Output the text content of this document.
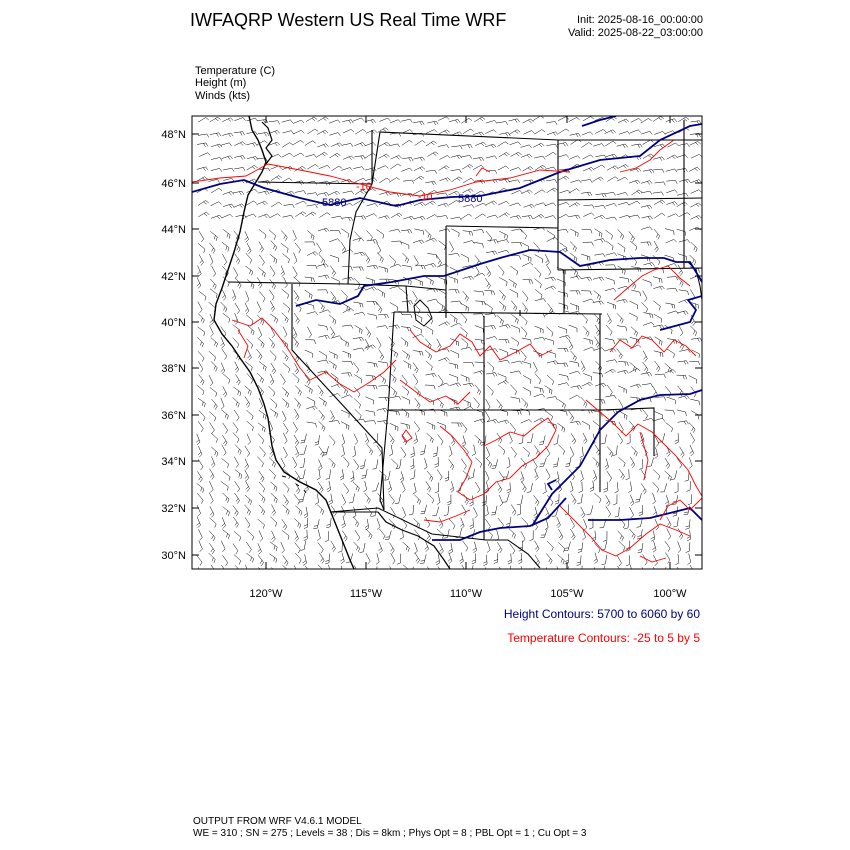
IWFAQRP Western US Real Time WRF	Init: 2025-08-16_00:00:00
Valid: 2025-08-22_03:00:00
Temperature (C)
Height (m)
Winds (kts)
5880	5880
-10
-10
48°N
46°N
44°N
42°N
40°N
38°N
36°N
34°N
32°N
30°N
120°W	115°W	110°W	105°W	100°W
Height Contours: 5700 to 6060 by 60
Temperature Contours: -25 to 5 by 5
OUTPUT FROM WRF V4.6.1 MODEL
WE = 310 ; SN = 275 ; Levels = 38 ; Dis = 8km ; Phys Opt = 8 ; PBL Opt = 1 ; Cu Opt = 3
